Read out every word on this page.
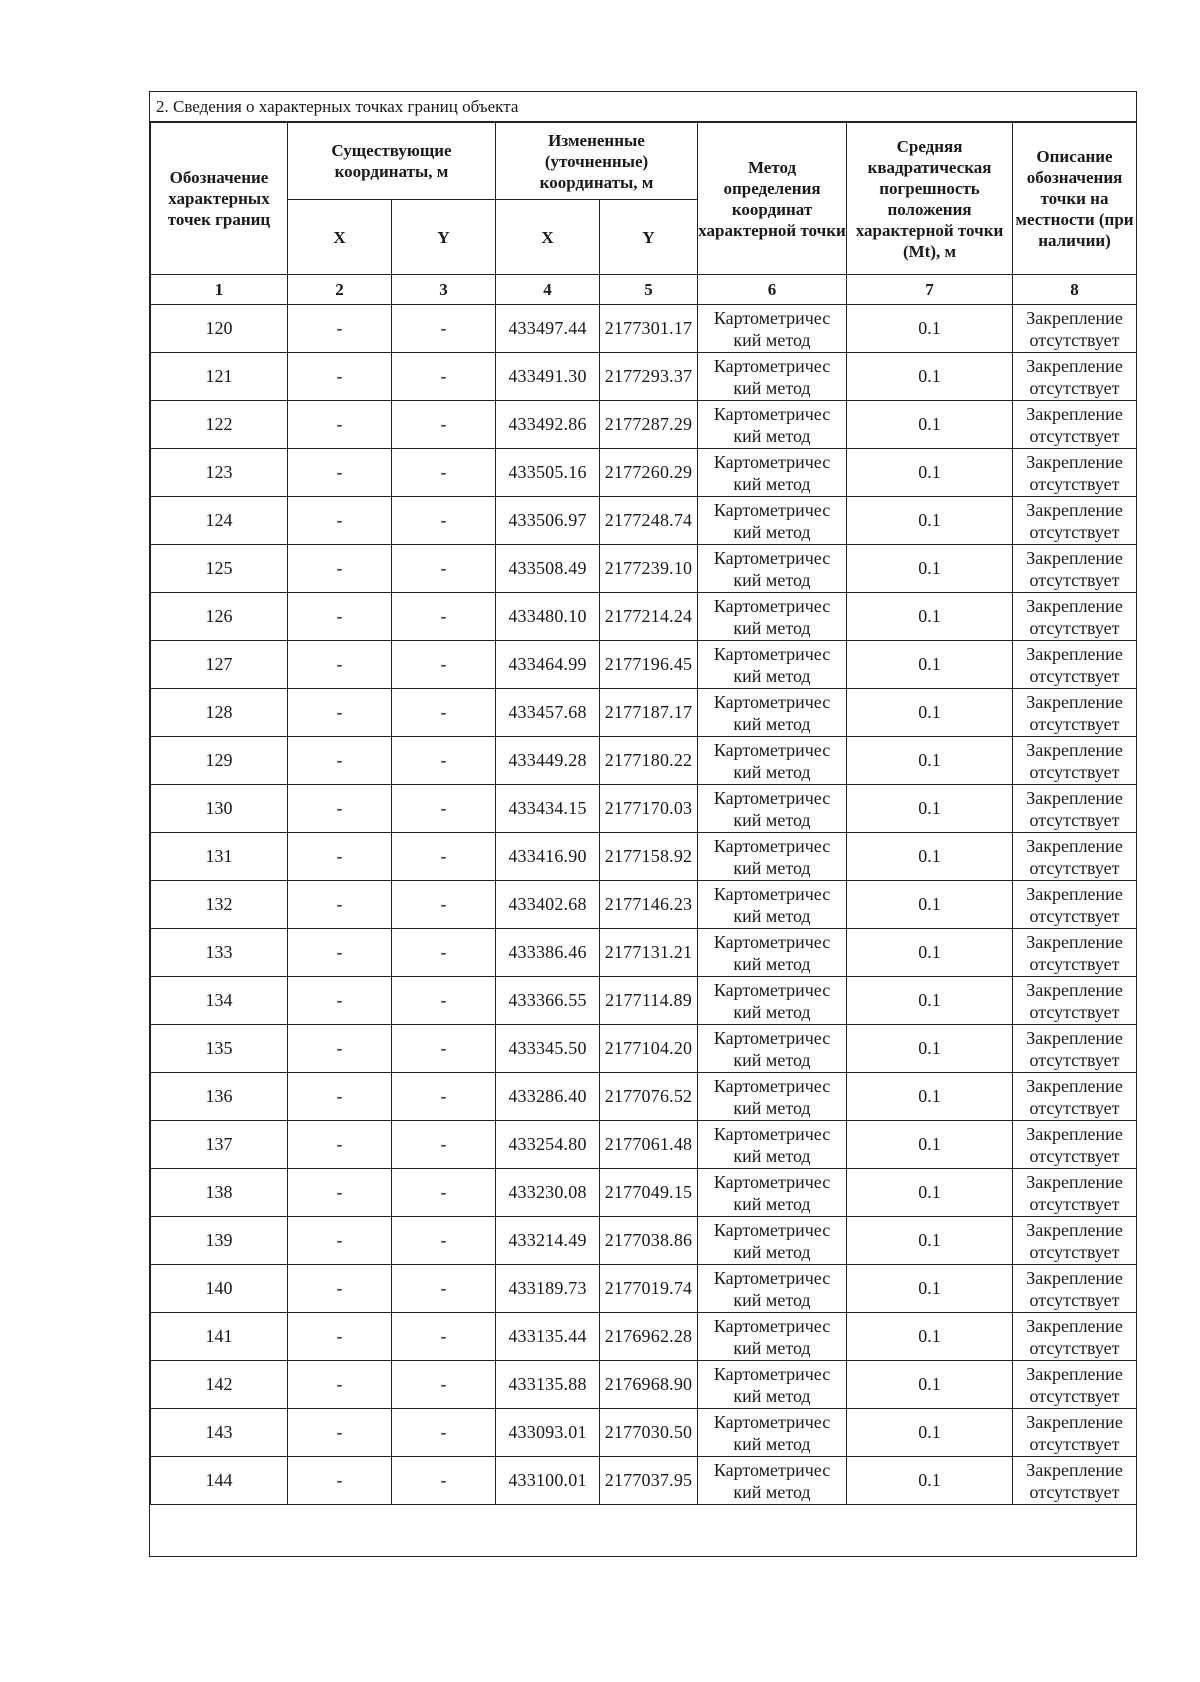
2. Сведения о характерных точках границ объекта
Обозначение характерных точек границ	Существующие координаты, м		Измененные (уточненные) координаты, м		Метод определения координат характерной точки	Средняя квадратическая погрешность положения характерной точки (Mt), м	Описание обозначения точки на местности (при наличии)
	X	Y	X	Y			
1	2	3	4	5	6	7	8
120	-	-	433497.44	2177301.17	Картометричес
кий метод	0.1	Закрепление
отсутствует

121	-	-	433491.30	2177293.37	Картометричес
кий метод	0.1	Закрепление
отсутствует

122	-	-	433492.86	2177287.29	Картометричес
кий метод	0.1	Закрепление
отсутствует

123	-	-	433505.16	2177260.29	Картометричес
кий метод	0.1	Закрепление
отсутствует

124	-	-	433506.97	2177248.74	Картометричес
кий метод	0.1	Закрепление
отсутствует

125	-	-	433508.49	2177239.10	Картометричес
кий метод	0.1	Закрепление
отсутствует

126	-	-	433480.10	2177214.24	Картометричес
кий метод	0.1	Закрепление
отсутствует

127	-	-	433464.99	2177196.45	Картометричес
кий метод	0.1	Закрепление
отсутствует

128	-	-	433457.68	2177187.17	Картометричес
кий метод	0.1	Закрепление
отсутствует

129	-	-	433449.28	2177180.22	Картометричес
кий метод	0.1	Закрепление
отсутствует

130	-	-	433434.15	2177170.03	Картометричес
кий метод	0.1	Закрепление
отсутствует

131	-	-	433416.90	2177158.92	Картометричес
кий метод	0.1	Закрепление
отсутствует

132	-	-	433402.68	2177146.23	Картометричес
кий метод	0.1	Закрепление
отсутствует

133	-	-	433386.46	2177131.21	Картометричес
кий метод	0.1	Закрепление
отсутствует

134	-	-	433366.55	2177114.89	Картометричес
кий метод	0.1	Закрепление
отсутствует

135	-	-	433345.50	2177104.20	Картометричес
кий метод	0.1	Закрепление
отсутствует

136	-	-	433286.40	2177076.52	Картометричес
кий метод	0.1	Закрепление
отсутствует

137	-	-	433254.80	2177061.48	Картометричес
кий метод	0.1	Закрепление
отсутствует

138	-	-	433230.08	2177049.15	Картометричес
кий метод	0.1	Закрепление
отсутствует

139	-	-	433214.49	2177038.86	Картометричес
кий метод	0.1	Закрепление
отсутствует

140	-	-	433189.73	2177019.74	Картометричес
кий метод	0.1	Закрепление
отсутствует

141	-	-	433135.44	2176962.28	Картометричес
кий метод	0.1	Закрепление
отсутствует

142	-	-	433135.88	2176968.90	Картометричес
кий метод	0.1	Закрепление
отсутствует

143	-	-	433093.01	2177030.50	Картометричес
кий метод	0.1	Закрепление
отсутствует

144	-	-	433100.01	2177037.95	Картометричес
кий метод	0.1	Закрепление
отсутствует
